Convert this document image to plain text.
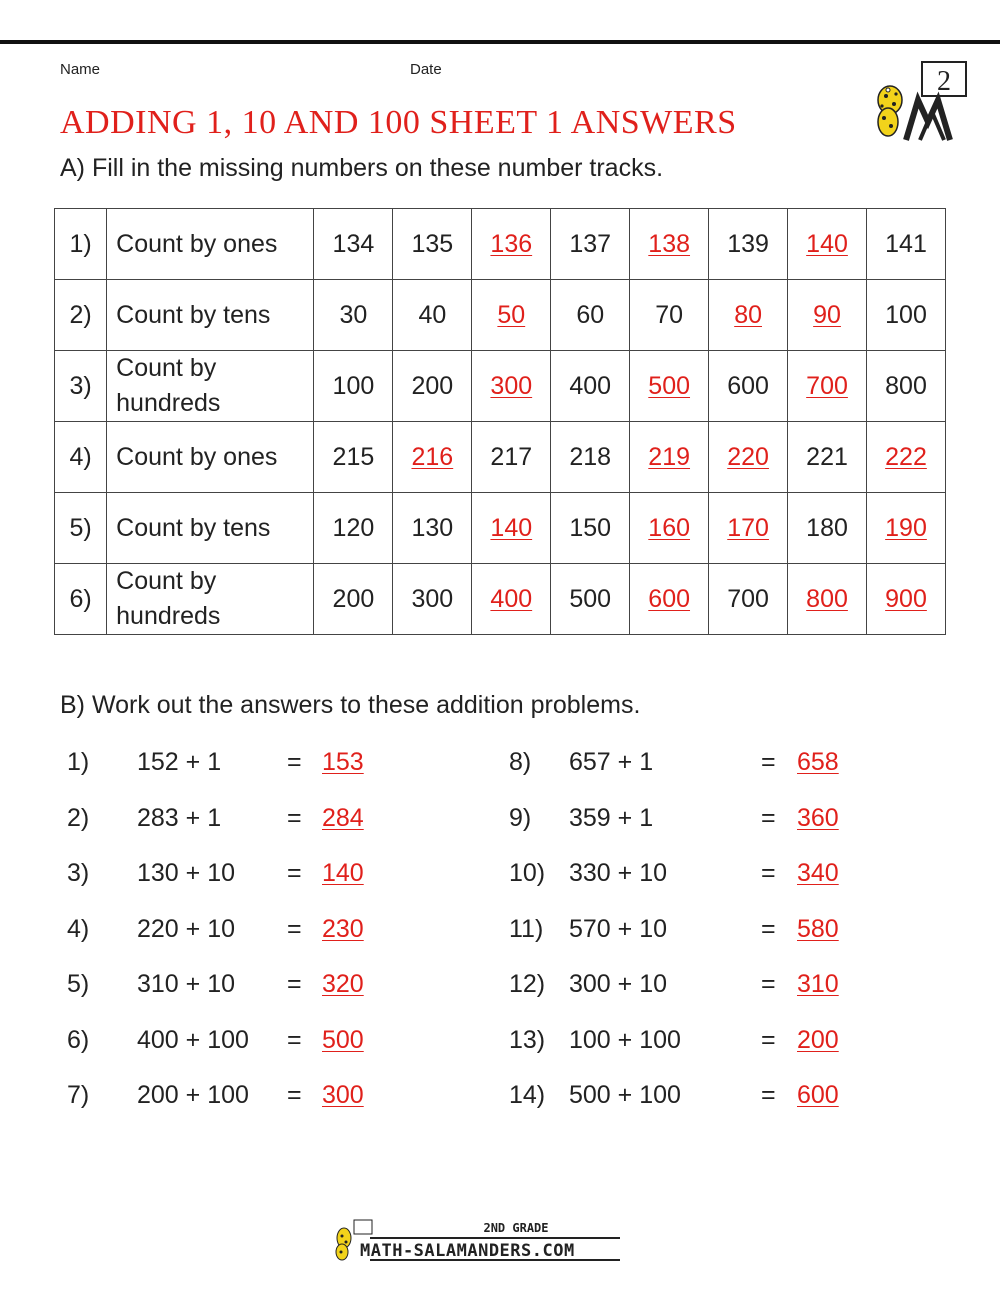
Name	Date
ADDING 1, 10 AND 100 SHEET 1 ANSWERS
2
A) Fill in the missing numbers on these number tracks.
1)	Count by ones	134	135	136	137	138	139	140	141
2)	Count by tens	30	40	50	60	70	80	90	100
3)	Count by hundreds	100	200	300	400	500	600	700	800
4)	Count by ones	215	216	217	218	219	220	221	222
5)	Count by tens	120	130	140	150	160	170	180	190
6)	Count by hundreds	200	300	400	500	600	700	800	900
B) Work out the answers to these addition problems.
1) 152 + 1	= 153
2) 283 + 1	= 284
3) 130 + 10 = 140
4) 220 + 10 = 230
5) 310 + 10 = 320
6) 400 + 100 = 500
7) 200 + 100 = 300
8) 657 + 1	= 658
9) 359 + 1	= 360
10) 330 + 10	= 340
11) 570 + 10	= 580
12) 300 + 10	= 310
13) 100 + 100	= 200
14) 500 + 100	= 600
2ND GRADE
MATH-SALAMANDERS.COM
